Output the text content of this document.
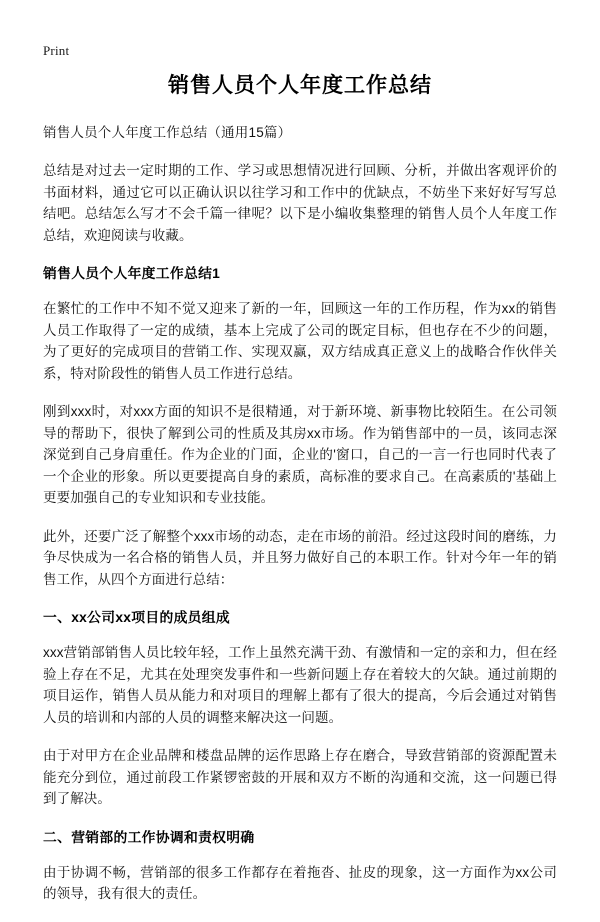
Print
销售人员个人年度工作总结
销售人员个人年度工作总结（通用15篇）

总结是对过去一定时期的工作、学习或思想情况进行回顾、分析，并做出客观评价的书面材料，通过它可以正确认识以往学习和工作中的优缺点，不妨坐下来好好写写总结吧。总结怎么写才不会千篇一律呢？以下是小编收集整理的销售人员个人年度工作总结，欢迎阅读与收藏。

销售人员个人年度工作总结1

在繁忙的工作中不知不觉又迎来了新的一年，回顾这一年的工作历程，作为xx的销售人员工作取得了一定的成绩，基本上完成了公司的既定目标，但也存在不少的问题，为了更好的完成项目的营销工作、实现双赢，双方结成真正意义上的战略合作伙伴关系，特对阶段性的销售人员工作进行总结。

刚到xxx时，对xxx方面的知识不是很精通，对于新环境、新事物比较陌生。在公司领导的帮助下，很快了解到公司的性质及其房xx市场。作为销售部中的一员，该同志深深觉到自己身肩重任。作为企业的门面，企业的'窗口，自己的一言一行也同时代表了一个企业的形象。所以更要提高自身的素质，高标准的要求自己。在高素质的'基础上更要加强自己的专业知识和专业技能。

此外，还要广泛了解整个xxx市场的动态，走在市场的前沿。经过这段时间的磨练，力争尽快成为一名合格的销售人员，并且努力做好自己的本职工作。针对今年一年的销售工作，从四个方面进行总结：

一、xx公司xx项目的成员组成

xxx营销部销售人员比较年轻，工作上虽然充满干劲、有激情和一定的亲和力，但在经验上存在不足，尤其在处理突发事件和一些新问题上存在着较大的欠缺。通过前期的项目运作，销售人员从能力和对项目的理解上都有了很大的提高，今后会通过对销售人员的培训和内部的人员的调整来解决这一问题。

由于对甲方在企业品牌和楼盘品牌的运作思路上存在磨合，导致营销部的资源配置未能充分到位，通过前段工作紧锣密鼓的开展和双方不断的沟通和交流，这一问题已得到了解决。

二、营销部的工作协调和责权明确

由于协调不畅，营销部的很多工作都存在着拖沓、扯皮的现象，这一方面作为xx公司的领导，我有很大的责任。
